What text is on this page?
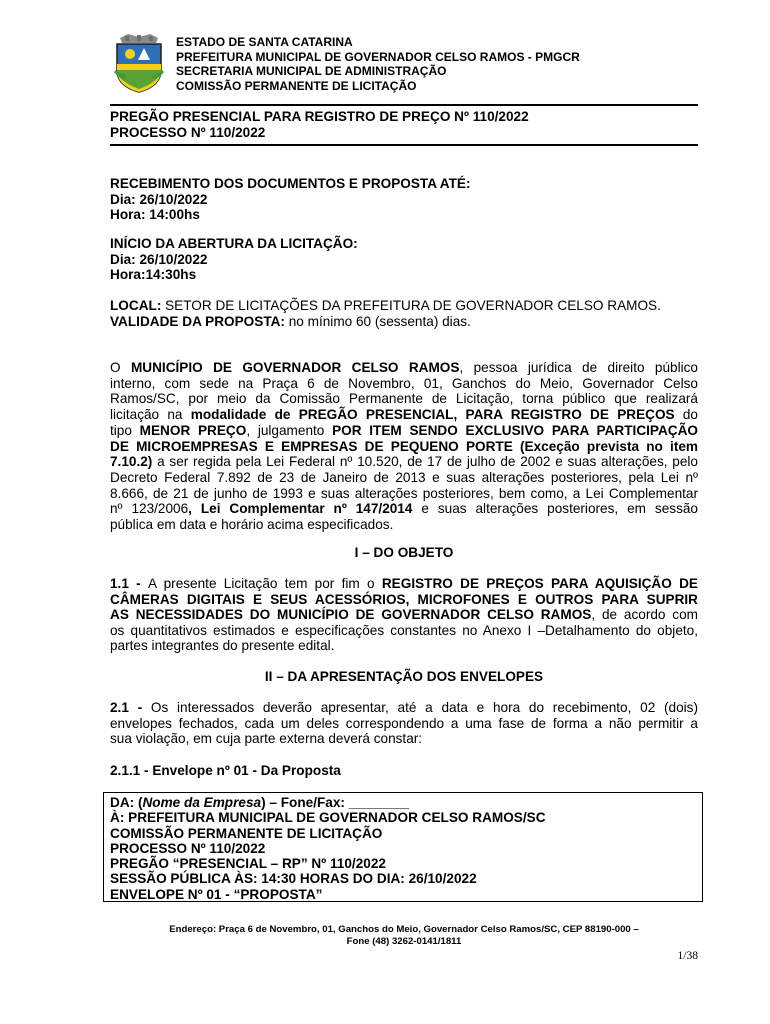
ESTADO DE SANTA CATARINA
PREFEITURA MUNICIPAL DE GOVERNADOR CELSO RAMOS - PMGCR
SECRETARIA MUNICIPAL DE ADMINISTRAÇÃO
COMISSÃO PERMANENTE DE LICITAÇÃO
PREGÃO PRESENCIAL PARA REGISTRO DE PREÇO Nº 110/2022
PROCESSO Nº 110/2022
RECEBIMENTO DOS DOCUMENTOS E PROPOSTA ATÉ:
Dia: 26/10/2022
Hora: 14:00hs
INÍCIO DA ABERTURA DA LICITAÇÃO:
Dia: 26/10/2022
Hora:14:30hs
LOCAL: SETOR DE LICITAÇÕES DA PREFEITURA DE GOVERNADOR CELSO RAMOS.
VALIDADE DA PROPOSTA: no mínimo 60 (sessenta) dias.
O MUNICÍPIO DE GOVERNADOR CELSO RAMOS, pessoa jurídica de direito público
interno, com sede na Praça 6 de Novembro, 01, Ganchos do Meio, Governador Celso
Ramos/SC, por meio da Comissão Permanente de Licitação, torna público que realizará
licitação na modalidade de PREGÃO PRESENCIAL, PARA REGISTRO DE PREÇOS do
tipo MENOR PREÇO, julgamento POR ITEM SENDO EXCLUSIVO PARA PARTICIPAÇÃO
DE MICROEMPRESAS E EMPRESAS DE PEQUENO PORTE (Exceção prevista no item
7.10.2) a ser regida pela Lei Federal nº 10.520, de 17 de julho de 2002 e suas alterações, pelo
Decreto Federal 7.892 de 23 de Janeiro de 2013 e suas alterações posteriores, pela Lei nº
8.666, de 21 de junho de 1993 e suas alterações posteriores, bem como, a Lei Complementar
nº 123/2006, Lei Complementar nº 147/2014 e suas alterações posteriores, em sessão
pública em data e horário acima especificados.
I – DO OBJETO
1.1 - A presente Licitação tem por fim o REGISTRO DE PREÇOS PARA AQUISIÇÃO DE
CÂMERAS DIGITAIS E SEUS ACESSÓRIOS, MICROFONES E OUTROS PARA SUPRIR
AS NECESSIDADES DO MUNICÍPIO DE GOVERNADOR CELSO RAMOS, de acordo com
os quantitativos estimados e especificações constantes no Anexo I –Detalhamento do objeto,
partes integrantes do presente edital.
II – DA APRESENTAÇÃO DOS ENVELOPES
2.1 - Os interessados deverão apresentar, até a data e hora do recebimento, 02 (dois)
envelopes fechados, cada um deles correspondendo a uma fase de forma a não permitir a
sua violação, em cuja parte externa deverá constar:
2.1.1 - Envelope nº 01 - Da Proposta
DA: (Nome da Empresa) – Fone/Fax: ________
À: PREFEITURA MUNICIPAL DE GOVERNADOR CELSO RAMOS/SC
COMISSÃO PERMANENTE DE LICITAÇÃO
PROCESSO Nº 110/2022
PREGÃO “PRESENCIAL – RP” Nº 110/2022
SESSÃO PÚBLICA ÀS: 14:30 HORAS DO DIA: 26/10/2022
ENVELOPE Nº 01 - “PROPOSTA”
Endereço: Praça 6 de Novembro, 01, Ganchos do Meio, Governador Celso Ramos/SC, CEP 88190-000 –
Fone (48) 3262-0141/1811
1/38
